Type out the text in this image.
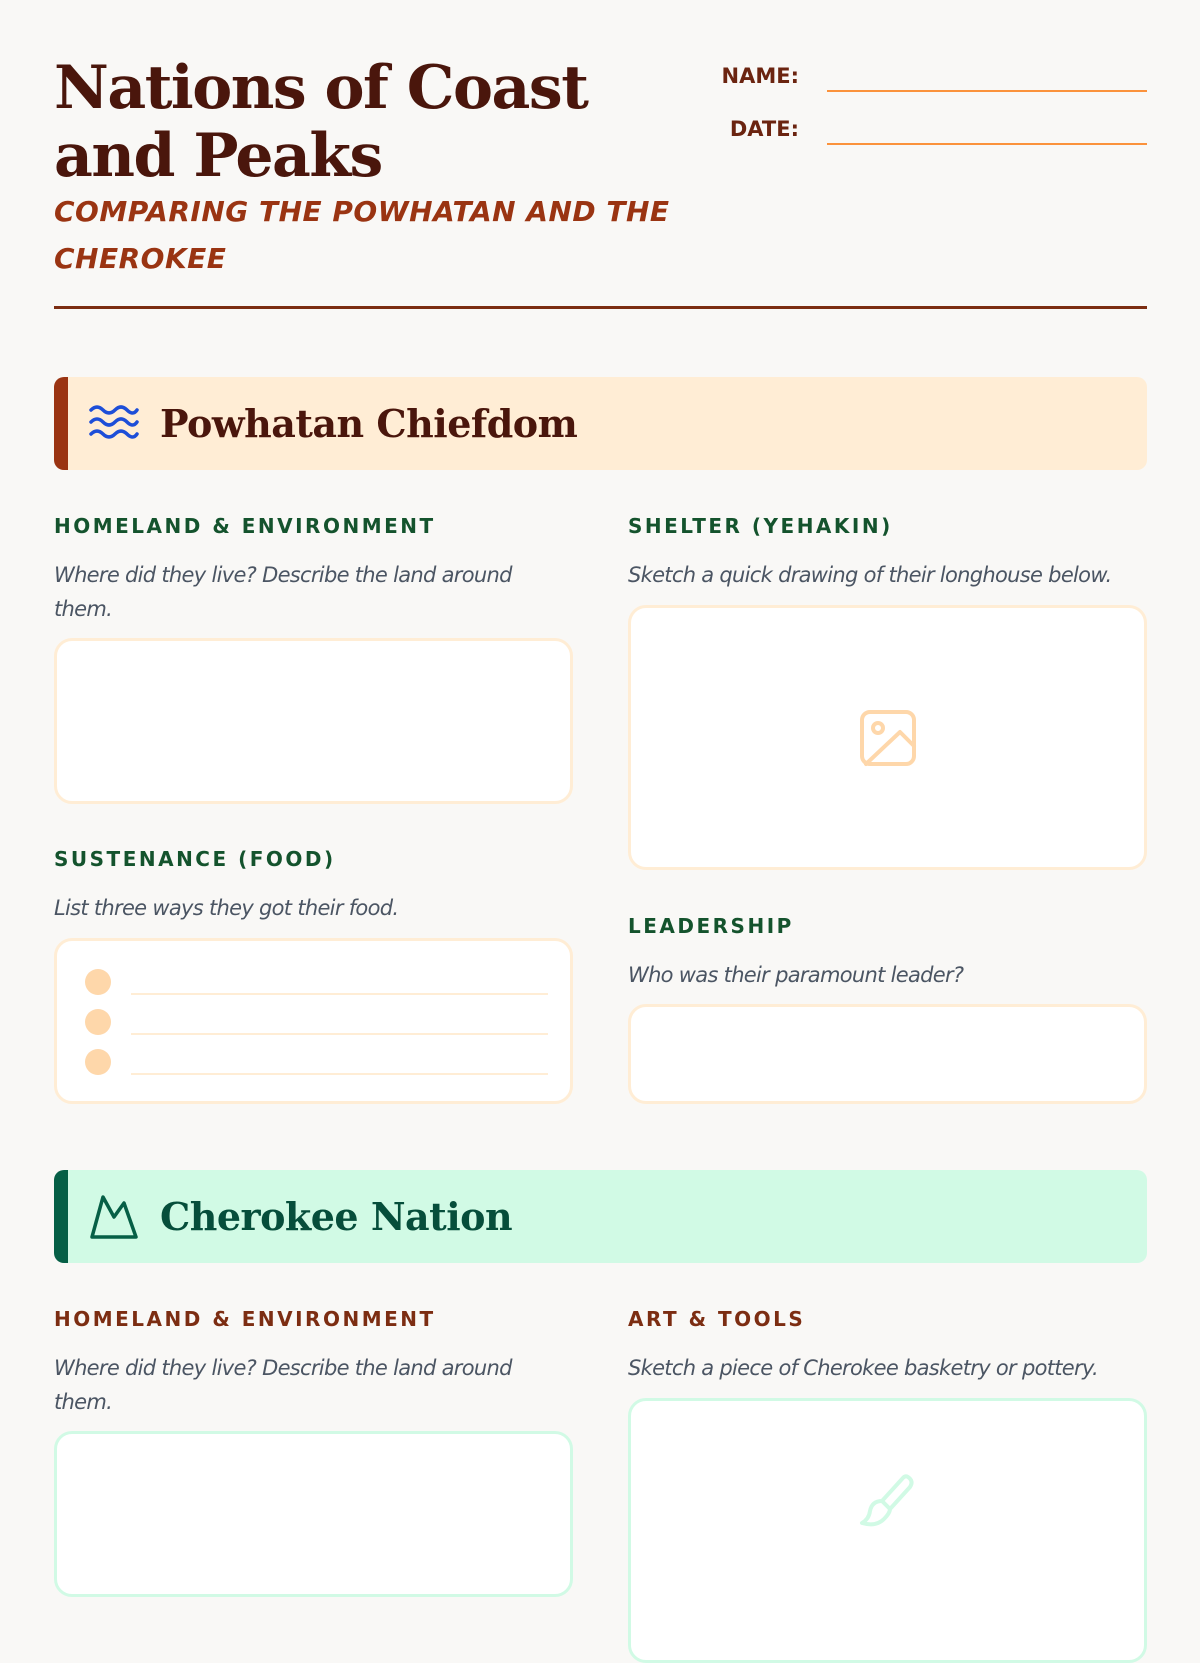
Nations of Coast and Peaks

COMPARING THE POWHATAN AND THE CHEROKEE

NAME:
DATE:
Powhatan Chiefdom
HOMELAND & ENVIRONMENT
Where did they live? Describe the land around them.
SHELTER (YEHAKIN)
Sketch a quick drawing of their longhouse below.
SUSTENANCE (FOOD)
List three ways they got their food.
LEADERSHIP
Who was their paramount leader?
Cherokee Nation
HOMELAND & ENVIRONMENT
Where did they live? Describe the land around them.
ART & TOOLS
Sketch a piece of Cherokee basketry or pottery.
